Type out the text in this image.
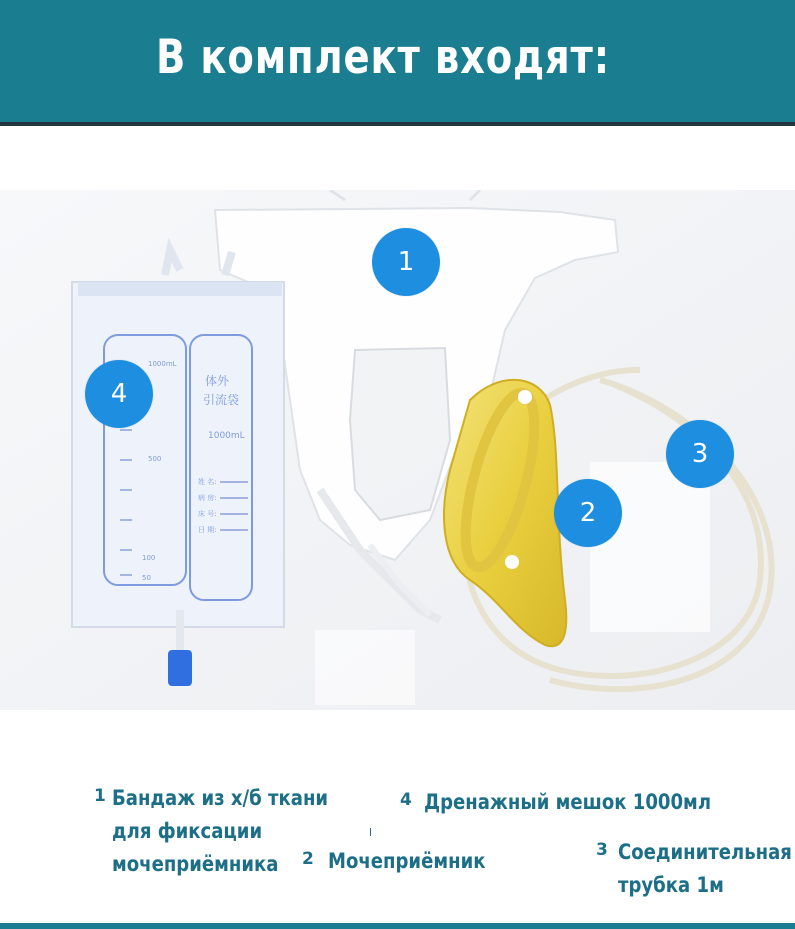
В комплект входят:
1000mL
500
100
50
体外
引流袋
1000mL
姓 名:
病 房:
床 号:
日 期:
1
4
3
2
1 Бандаж из х/б ткани
для фиксации
мочеприёмника
4 Дренажный мешок 1000мл
2 Мочеприёмник	3 Соединительная
трубка 1м
